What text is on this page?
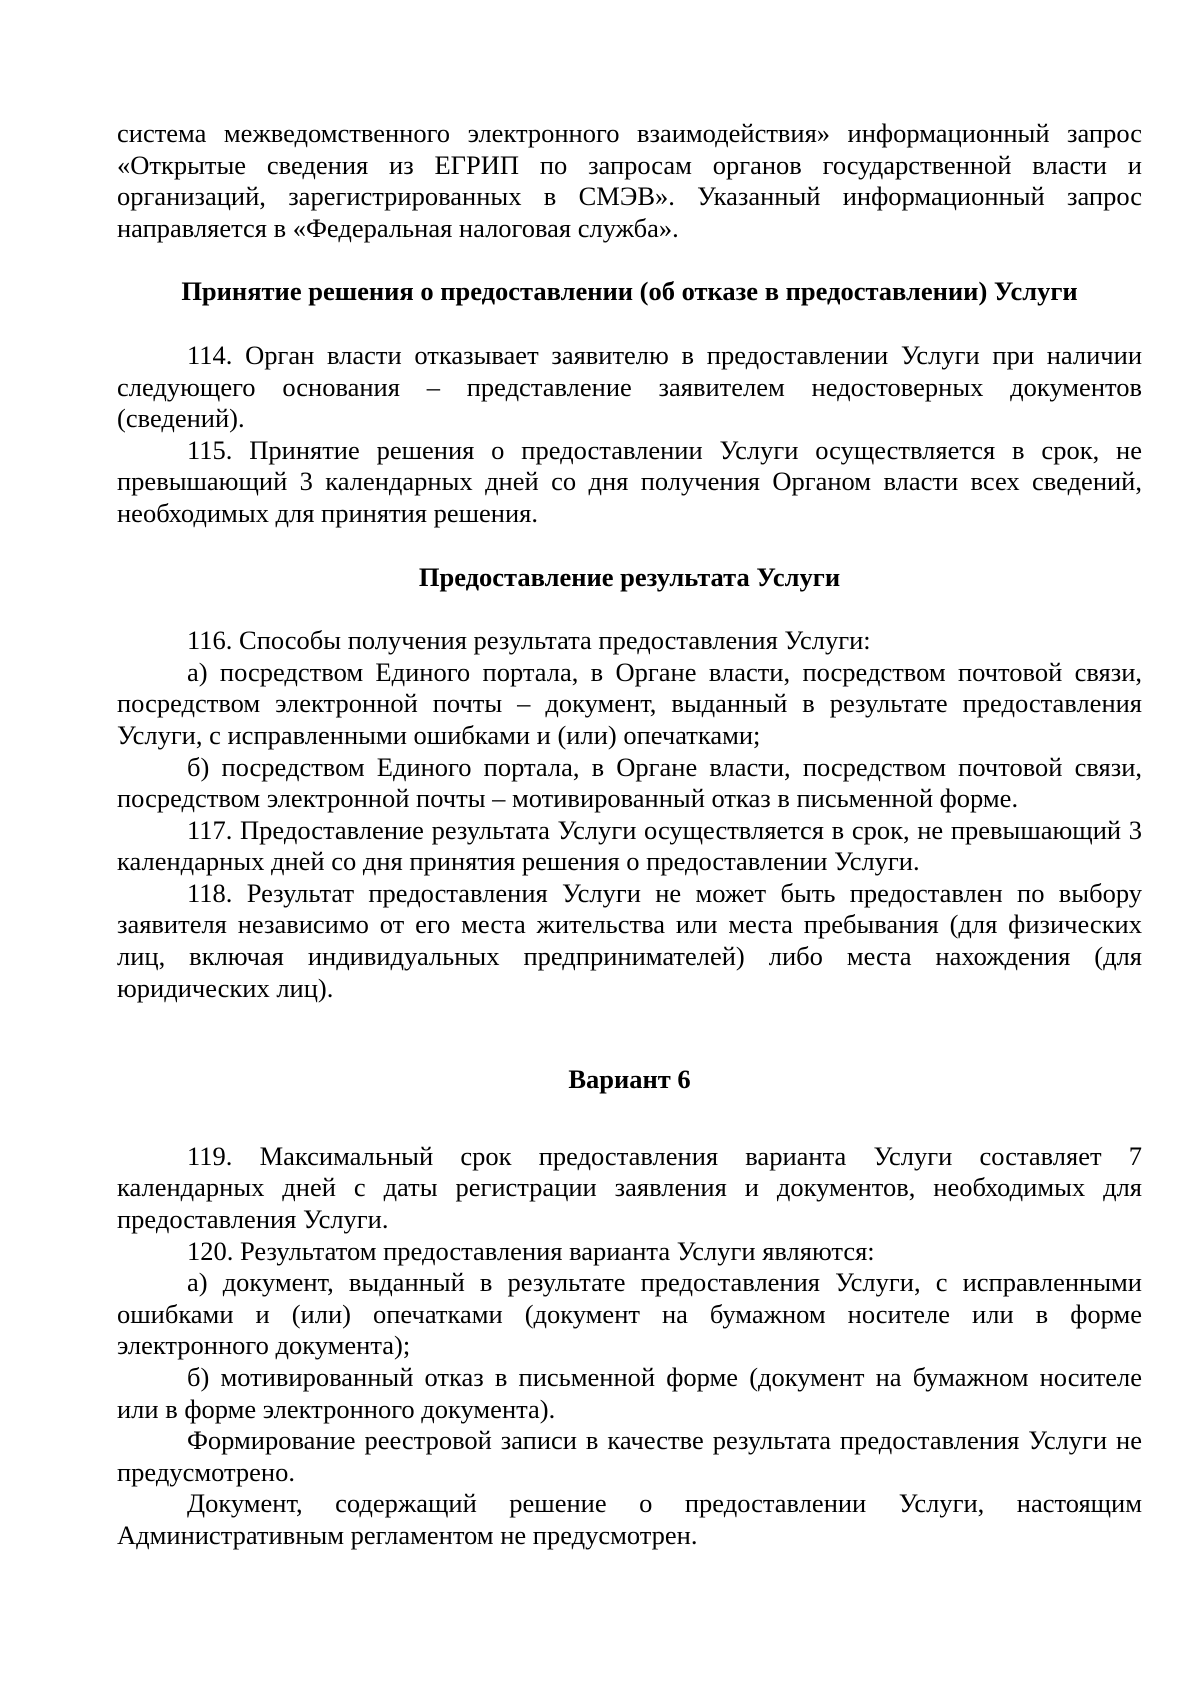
система межведомственного электронного взаимодействия» информационный запрос «Открытые сведения из ЕГРИП по запросам органов государственной власти и организаций, зарегистрированных в СМЭВ». Указанный информационный запрос направляется в «Федеральная налоговая служба».

Принятие решения о предоставлении (об отказе в предоставлении) Услуги

114. Орган власти отказывает заявителю в предоставлении Услуги при наличии следующего основания – представление заявителем недостоверных документов (сведений).

115. Принятие решения о предоставлении Услуги осуществляется в срок, не превышающий 3 календарных дней со дня получения Органом власти всех сведений, необходимых для принятия решения.

Предоставление результата Услуги

116. Способы получения результата предоставления Услуги:

а) посредством Единого портала, в Органе власти, посредством почтовой связи, посредством электронной почты – документ, выданный в результате предоставления Услуги, с исправленными ошибками и (или) опечатками;

б) посредством Единого портала, в Органе власти, посредством почтовой связи, посредством электронной почты – мотивированный отказ в письменной форме.

117. Предоставление результата Услуги осуществляется в срок, не превышающий 3 календарных дней со дня принятия решения о предоставлении Услуги.

118. Результат предоставления Услуги не может быть предоставлен по выбору заявителя независимо от его места жительства или места пребывания (для физических лиц, включая индивидуальных предпринимателей) либо места нахождения (для юридических лиц).

Вариант 6

119. Максимальный срок предоставления варианта Услуги составляет 7 календарных дней с даты регистрации заявления и документов, необходимых для предоставления Услуги.

120. Результатом предоставления варианта Услуги являются:

а) документ, выданный в результате предоставления Услуги, с исправленными ошибками и (или) опечатками (документ на бумажном носителе или в форме электронного документа);

б) мотивированный отказ в письменной форме (документ на бумажном носителе или в форме электронного документа).

Формирование реестровой записи в качестве результата предоставления Услуги не предусмотрено.

Документ, содержащий решение о предоставлении Услуги, настоящим Административным регламентом не предусмотрен.
